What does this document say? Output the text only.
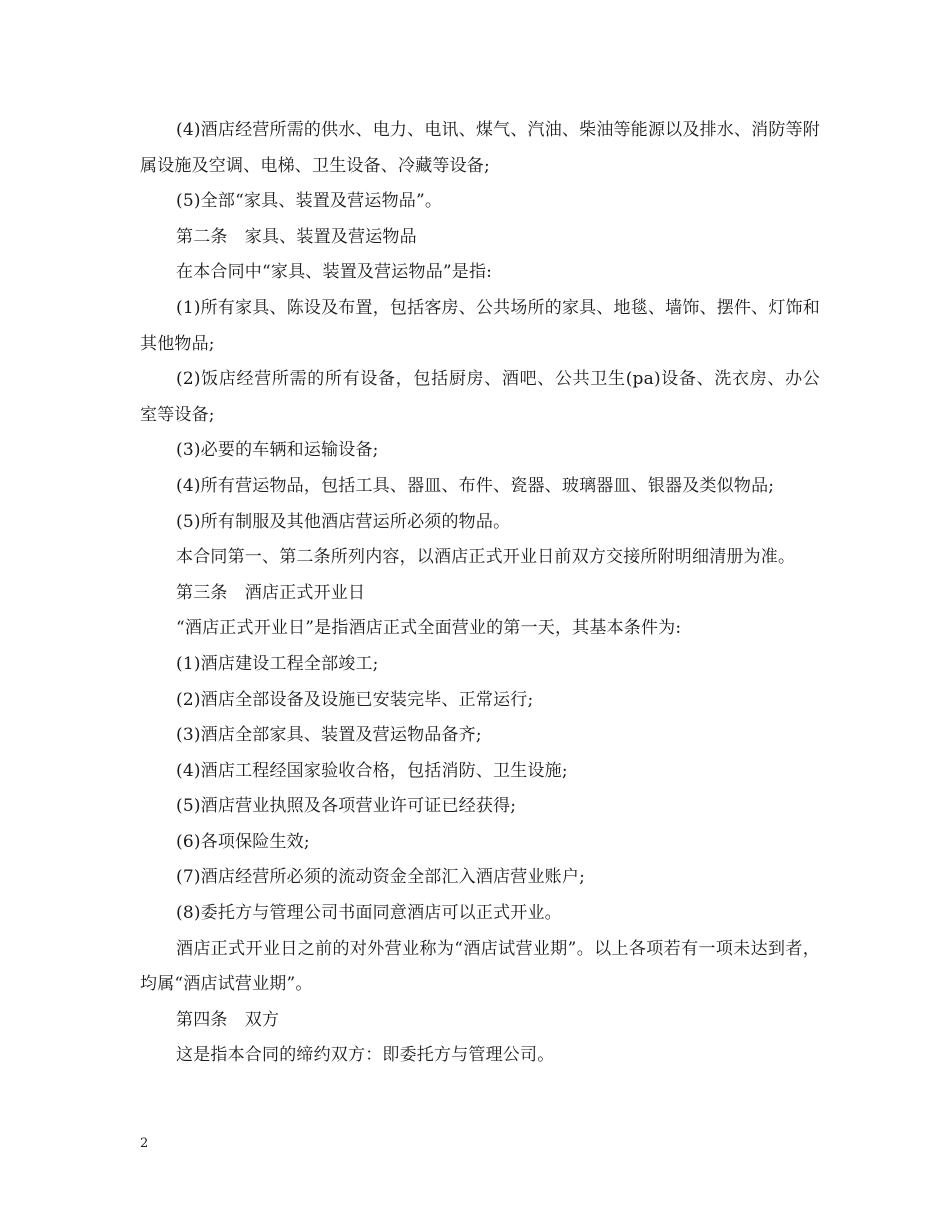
(4)酒店经营所需的供水、电力、电讯、煤气、汽油、柴油等能源以及排水、消防等附属设施及空调、电梯、卫生设备、冷藏等设备;

(5)全部“家具、装置及营运物品”。

第二条　家具、装置及营运物品

在本合同中“家具、装置及营运物品”是指:

(1)所有家具、陈设及布置，包括客房、公共场所的家具、地毯、墙饰、摆件、灯饰和其他物品;

(2)饭店经营所需的所有设备，包括厨房、酒吧、公共卫生(pa)设备、洗衣房、办公室等设备;

(3)必要的车辆和运输设备;

(4)所有营运物品，包括工具、器皿、布件、瓷器、玻璃器皿、银器及类似物品;

(5)所有制服及其他酒店营运所必须的物品。

本合同第一、第二条所列内容，以酒店正式开业日前双方交接所附明细清册为准。

第三条　酒店正式开业日

“酒店正式开业日”是指酒店正式全面营业的第一天，其基本条件为:

(1)酒店建设工程全部竣工;

(2)酒店全部设备及设施已安装完毕、正常运行;

(3)酒店全部家具、装置及营运物品备齐;

(4)酒店工程经国家验收合格，包括消防、卫生设施;

(5)酒店营业执照及各项营业许可证已经获得;

(6)各项保险生效;

(7)酒店经营所必须的流动资金全部汇入酒店营业账户;

(8)委托方与管理公司书面同意酒店可以正式开业。

酒店正式开业日之前的对外营业称为“酒店试营业期”。以上各项若有一项未达到者，均属“酒店试营业期”。

第四条　双方

这是指本合同的缔约双方：即委托方与管理公司。

2
